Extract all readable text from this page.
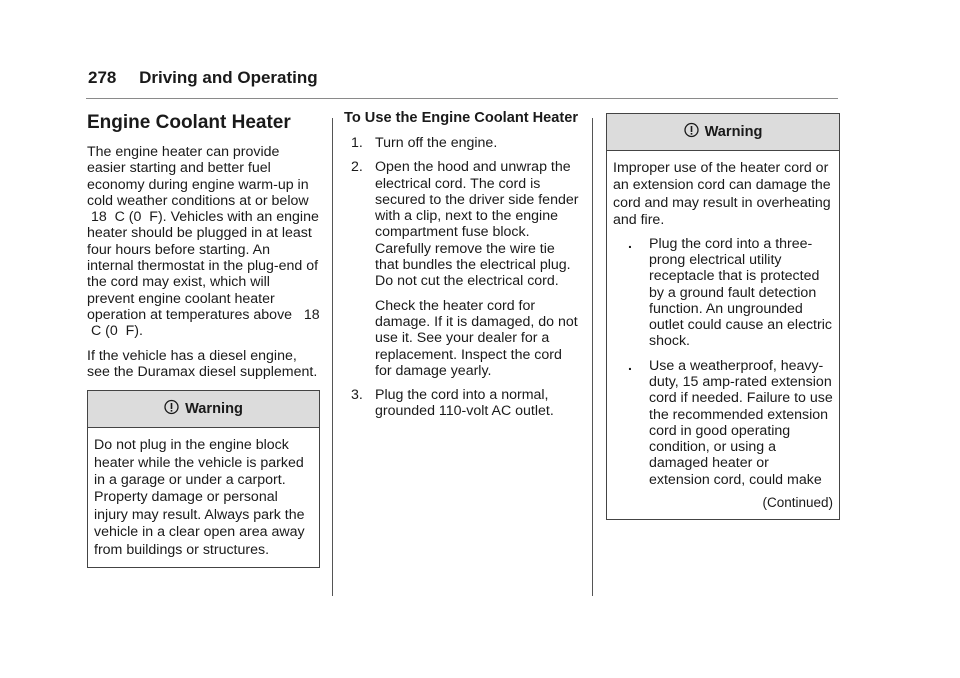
278 Driving and Operating
Engine Coolant Heater

The engine heater can provide easier starting and better fuel economy during engine warm-up in cold weather conditions at or below  18  C (0  F). Vehicles with an engine heater should be plugged in at least four hours before starting. An internal thermostat in the plug-end of the cord may exist, which will prevent engine coolant heater operation at temperatures above   18  C (0  F).

If the vehicle has a diesel engine, see the Duramax diesel supplement.

Warning
Do not plug in the engine block heater while the vehicle is parked in a garage or under a carport. Property damage or personal injury may result. Always park the vehicle in a clear open area away from buildings or structures.
To Use the Engine Coolant Heater
1. Turn off the engine.

2. Open the hood and unwrap the electrical cord. The cord is secured to the driver side fender with a clip, next to the engine compartment fuse block. Carefully remove the wire tie that bundles the electrical plug. Do not cut the electrical cord.

Check the heater cord for damage. If it is damaged, do not use it. See your dealer for a replacement. Inspect the cord for damage yearly.

3. Plug the cord into a normal, grounded 110-volt AC outlet.

Warning
Improper use of the heater cord or an extension cord can damage the cord and may result in overheating and fire.
. Plug the cord into a three-prong electrical utility receptacle that is protected by a ground fault detection function. An ungrounded outlet could cause an electric shock.
. Use a weatherproof, heavy-duty, 15 amp-rated extension cord if needed. Failure to use the recommended extension cord in good operating condition, or using a damaged heater or extension cord, could make
(Continued)
